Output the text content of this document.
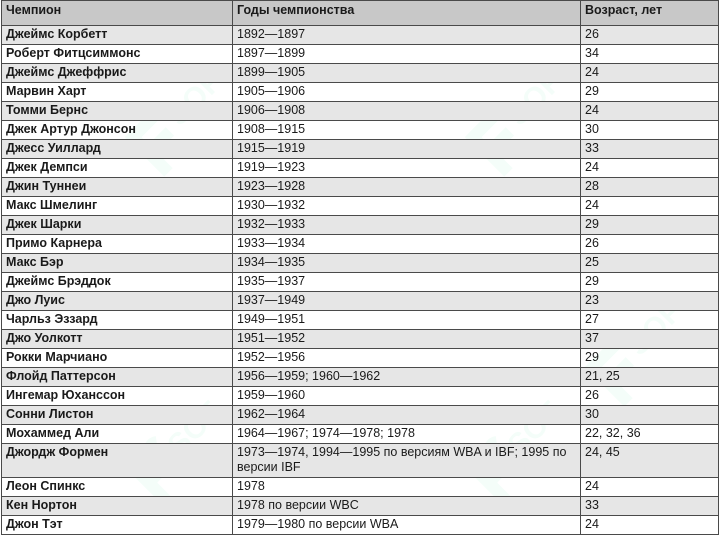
Чемпион	Годы чемпионства	Возраст, лет
Джеймс Корбетт	1892—1897	26
Роберт Фитцсиммонс	1897—1899	34
Джеймс Джеффрис	1899—1905	24
Марвин Харт	1905—1906	29
Томми Бернс	1906—1908	24
Джек Артур Джонсон	1908—1915	30
Джесс Уиллард	1915—1919	33
Джек Демпси	1919—1923	24
Джин Туннеи	1923—1928	28
Макс Шмелинг	1930—1932	24
Джек Шарки	1932—1933	29
Примо Карнера	1933—1934	26
Макс Бэр	1934—1935	25
Джеймс Брэддок	1935—1937	29
Джо Луис	1937—1949	23
Чарльз Эззард	1949—1951	27
Джо Уолкотт	1951—1952	37
Рокки Марчиано	1952—1956	29
Флойд Паттерсон	1956—1959; 1960—1962	21, 25
Ингемар Юханссон	1959—1960	26
Сонни Листон	1962—1964	30
Мохаммед Али	1964—1967; 1974—1978; 1978	22, 32, 36
Джордж Формен	1973—1974, 1994—1995 по версиям WBA и IBF; 1995 по версии IBF	24, 45
Леон Спинкс	1978	24
Кен Нортон	1978 по версии WBC	33
Джон Тэт	1979—1980 по версии WBA	24
